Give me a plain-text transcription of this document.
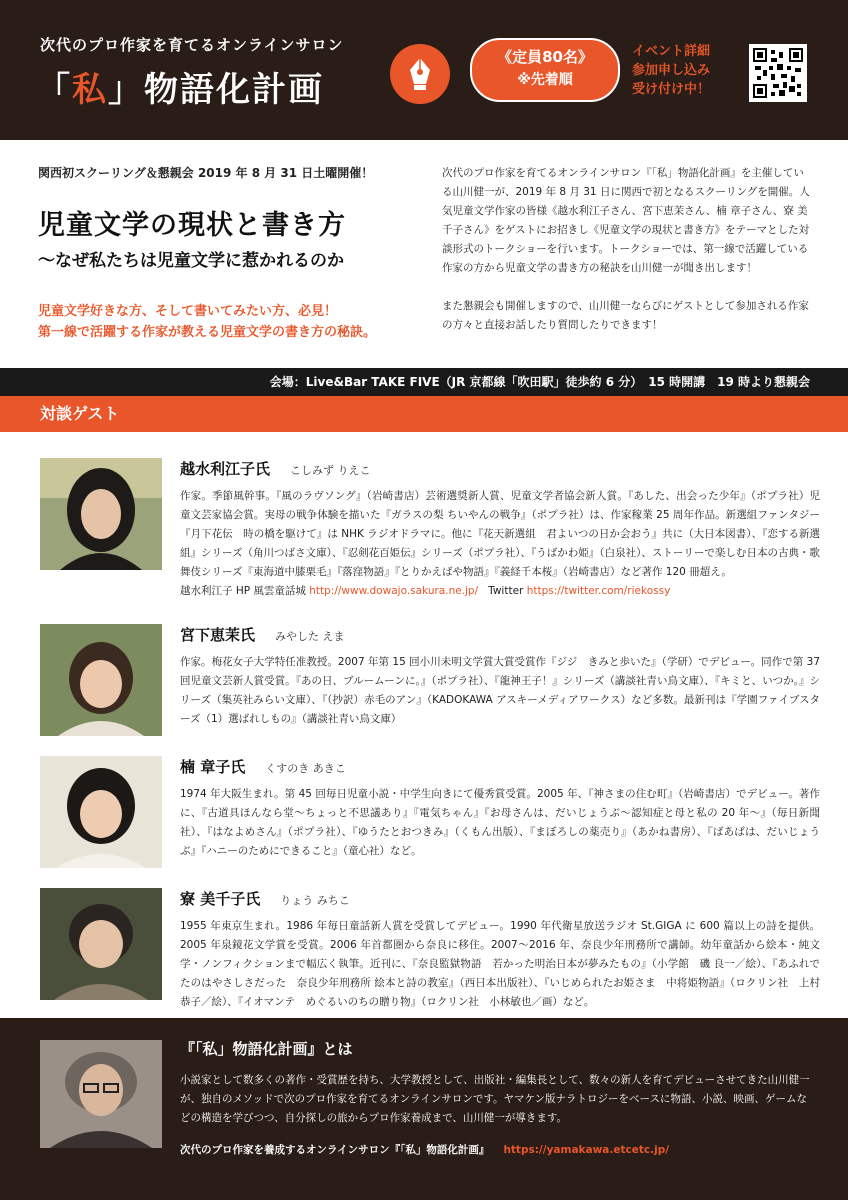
次代のプロ作家を育てるオンラインサロン
「私」物語化計画
《定員80名》
※先着順
イベント詳細
参加申し込み
受け付け中！
関西初スクーリング＆懇親会 2019 年 8 月 31 日土曜開催！
児童文学の現状と書き方
～なぜ私たちは児童文学に惹かれるのか
児童文学好きな方、そして書いてみたい方、必見！
第一線で活躍する作家が教える児童文学の書き方の秘訣。

次代のプロ作家を育てるオンラインサロン『「私」物語化計画』を主催している山川健一が、2019 年 8 月 31 日に関西で初となるスクーリングを開催。人気児童文学作家の皆様《越水利江子さん、宮下恵茉さん、楠 章子さん、寮 美千子さん》をゲストにお招きし《児童文学の現状と書き方》をテーマとした対談形式のトークショーを行います。トークショーでは、第一線で活躍している作家の方から児童文学の書き方の秘訣を山川健一が聞き出します！

また懇親会も開催しますので、山川健一ならびにゲストとして参加される作家の方々と直接お話したり質問したりできます！

会場：Live&Bar TAKE FIVE（JR 京都線「吹田駅」徒歩約 6 分）　15 時開講　19 時より懇親会
対談ゲスト
越水利江子氏 こしみず りえこ
作家。季節風幹事。『風のラヴソング』（岩崎書店）芸術選奨新人賞、児童文学者協会新人賞。『あした、出会った少年』（ポプラ社）児童文芸家協会賞。実母の戦争体験を描いた『ガラスの梨 ちいやんの戦争』（ポプラ社）は、作家稼業 25 周年作品。新選組ファンタジー『月下花伝　時の橋を駆けて』は NHK ラジオドラマに。他に『花天新選組　君よいつの日か会おう』共に（大日本図書）、『恋する新選組』シリーズ（角川つばさ文庫）、『忍剣花百姫伝』シリーズ（ポプラ社）、『うばかわ姫』（白泉社）、ストーリーで楽しむ日本の古典・歌舞伎シリーズ『東海道中膝栗毛』『落窪物語』『とりかえばや物語』『義経千本桜』（岩崎書店）など著作 120 冊超え。
越水利江子 HP 風雲童話城 http://www.dowajo.sakura.ne.jp/ Twitter https://twitter.com/riekossy
宮下恵茉氏 みやした えま
作家。梅花女子大学特任准教授。2007 年第 15 回小川未明文学賞大賞受賞作『ジジ　きみと歩いた』（学研）でデビュー。同作で第 37 回児童文芸新人賞受賞。『あの日、ブルームーンに。』（ポプラ社）、『龍神王子！』シリーズ（講談社青い鳥文庫）、『キミと、いつか。』シリーズ（集英社みらい文庫）、『（抄訳）赤毛のアン』（KADOKAWA アスキーメディアワークス）など多数。最新刊は『学園ファイブスターズ（1）選ばれしもの』（講談社青い鳥文庫）
楠 章子氏 くすのき あきこ
1974 年大阪生まれ。第 45 回毎日児童小説・中学生向きにて優秀賞受賞。2005 年、『神さまの住む町』（岩崎書店）でデビュー。著作に、『古道具ほんなら堂～ちょっと不思議あり』『電気ちゃん』『お母さんは、だいじょうぶ～認知症と母と私の 20 年～』（毎日新聞社）、『はなよめさん』（ポプラ社）、『ゆうたとおつきみ』（くもん出版）、『まぼろしの薬売り』（あかね書房）、『ばあばは、だいじょうぶ』『ハニーのためにできること』（童心社）など。
寮 美千子氏 りょう みちこ
1955 年東京生まれ。1986 年毎日童話新人賞を受賞してデビュー。1990 年代衛星放送ラジオ St.GIGA に 600 篇以上の詩を提供。2005 年泉鏡花文学賞を受賞。2006 年首都圏から奈良に移住。2007～2016 年、奈良少年刑務所で講師。幼年童話から絵本・純文学・ノンフィクションまで幅広く執筆。近刊に、『奈良監獄物語　若かった明治日本が夢みたもの』（小学館　磯 良一／絵）、『あふれでたのはやさしさだった　奈良少年刑務所 絵本と詩の教室』（西日本出版社）、『いじめられたお姫さま　中将姫物語』（ロクリン社　上村恭子／絵）、『イオマンテ　めぐるいのちの贈り物』（ロクリン社　小林敏也／画）など。
『「私」物語化計画』とは
小説家として数多くの著作・受賞歴を持ち、大学教授として、出版社・編集長として、数々の新人を育てデビューさせてきた山川健一が、独自のメソッドで次のプロ作家を育てるオンラインサロンです。ヤマケン版ナラトロジーをベースに物語、小説、映画、ゲームなどの構造を学びつつ、自分探しの旅からプロ作家養成まで、山川健一が導きます。
次代のプロ作家を養成するオンラインサロン『「私」物語化計画』 https://yamakawa.etcetc.jp/
